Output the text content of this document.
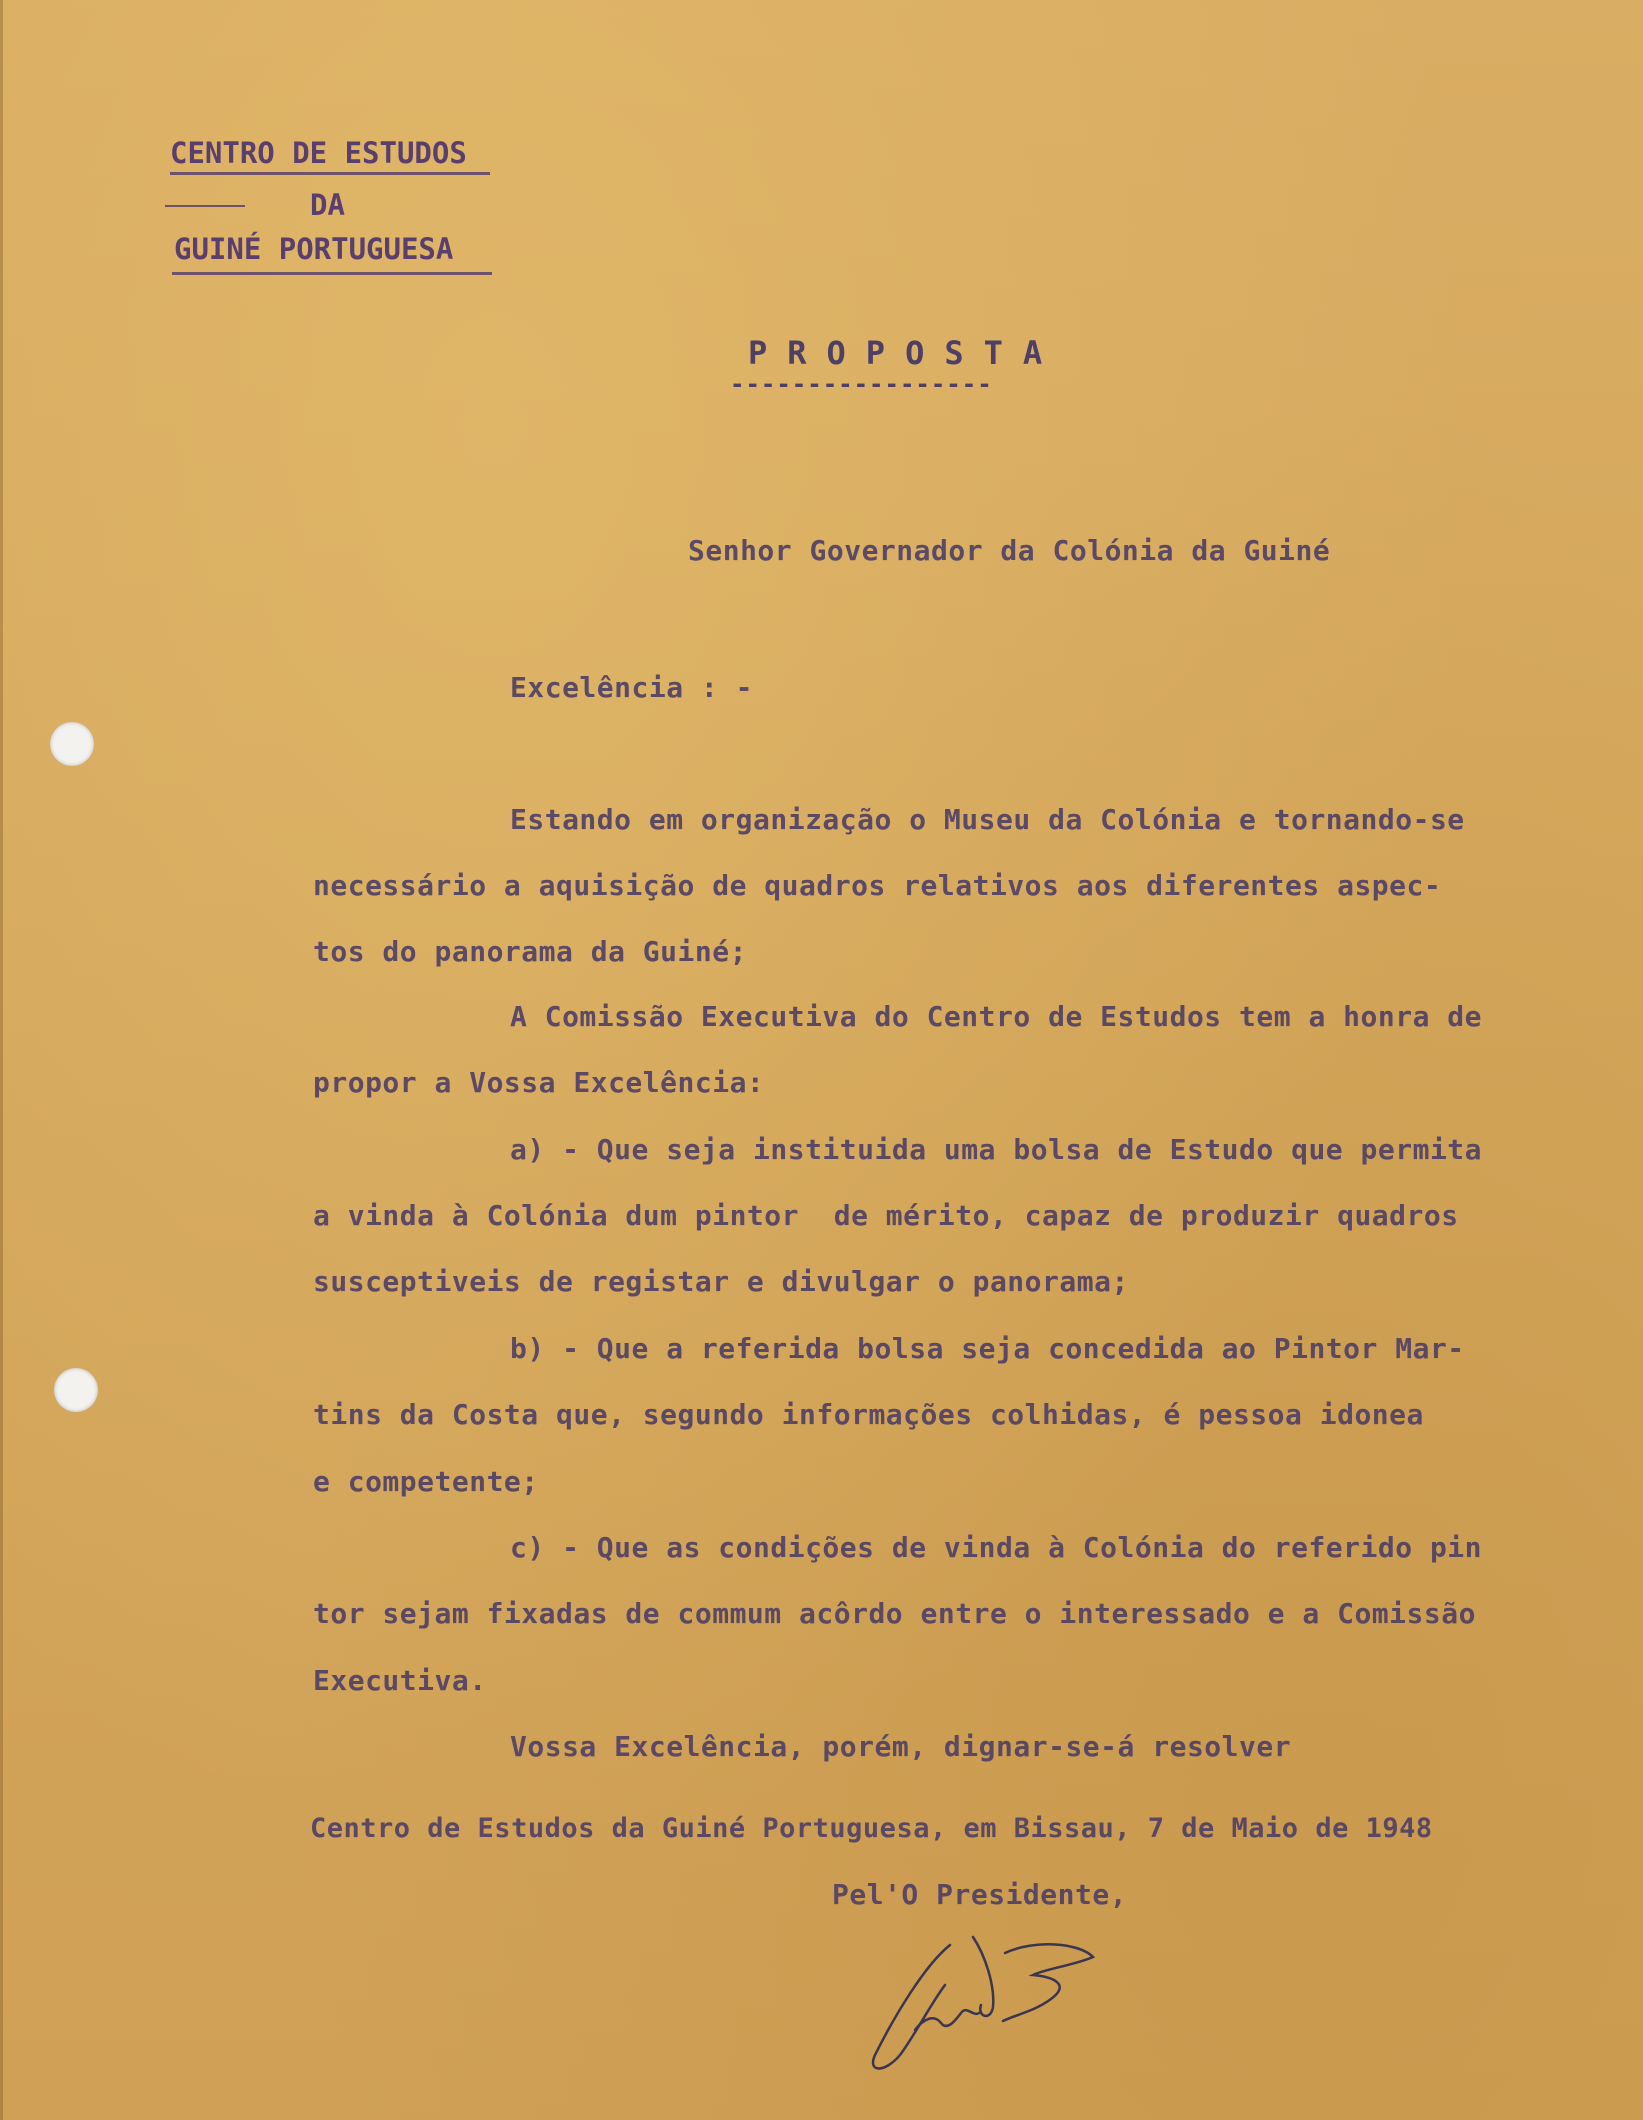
CENTRO DE ESTUDOS
DA
GUINÉ PORTUGUESA
PROPOSTA
-----------------
Senhor Governador da Colónia da Guiné
Excelência : -
Estando em organização o Museu da Colónia e tornando-se
necessário a aquisição de quadros relativos aos diferentes aspec-
tos do panorama da Guiné;
A Comissão Executiva do Centro de Estudos tem a honra de
propor a Vossa Excelência:
a) - Que seja instituida uma bolsa de Estudo que permita
a vinda à Colónia dum pintor  de mérito, capaz de produzir quadros
susceptiveis de registar e divulgar o panorama;
b) - Que a referida bolsa seja concedida ao Pintor Mar-
tins da Costa que, segundo informações colhidas, é pessoa idonea
e competente;
c) - Que as condições de vinda à Colónia do referido pin
tor sejam fixadas de commum acôrdo entre o interessado e a Comissão
Executiva.
Vossa Excelência, porém, dignar-se-á resolver
Centro de Estudos da Guiné Portuguesa, em Bissau, 7 de Maio de 1948
Pel'O Presidente,
